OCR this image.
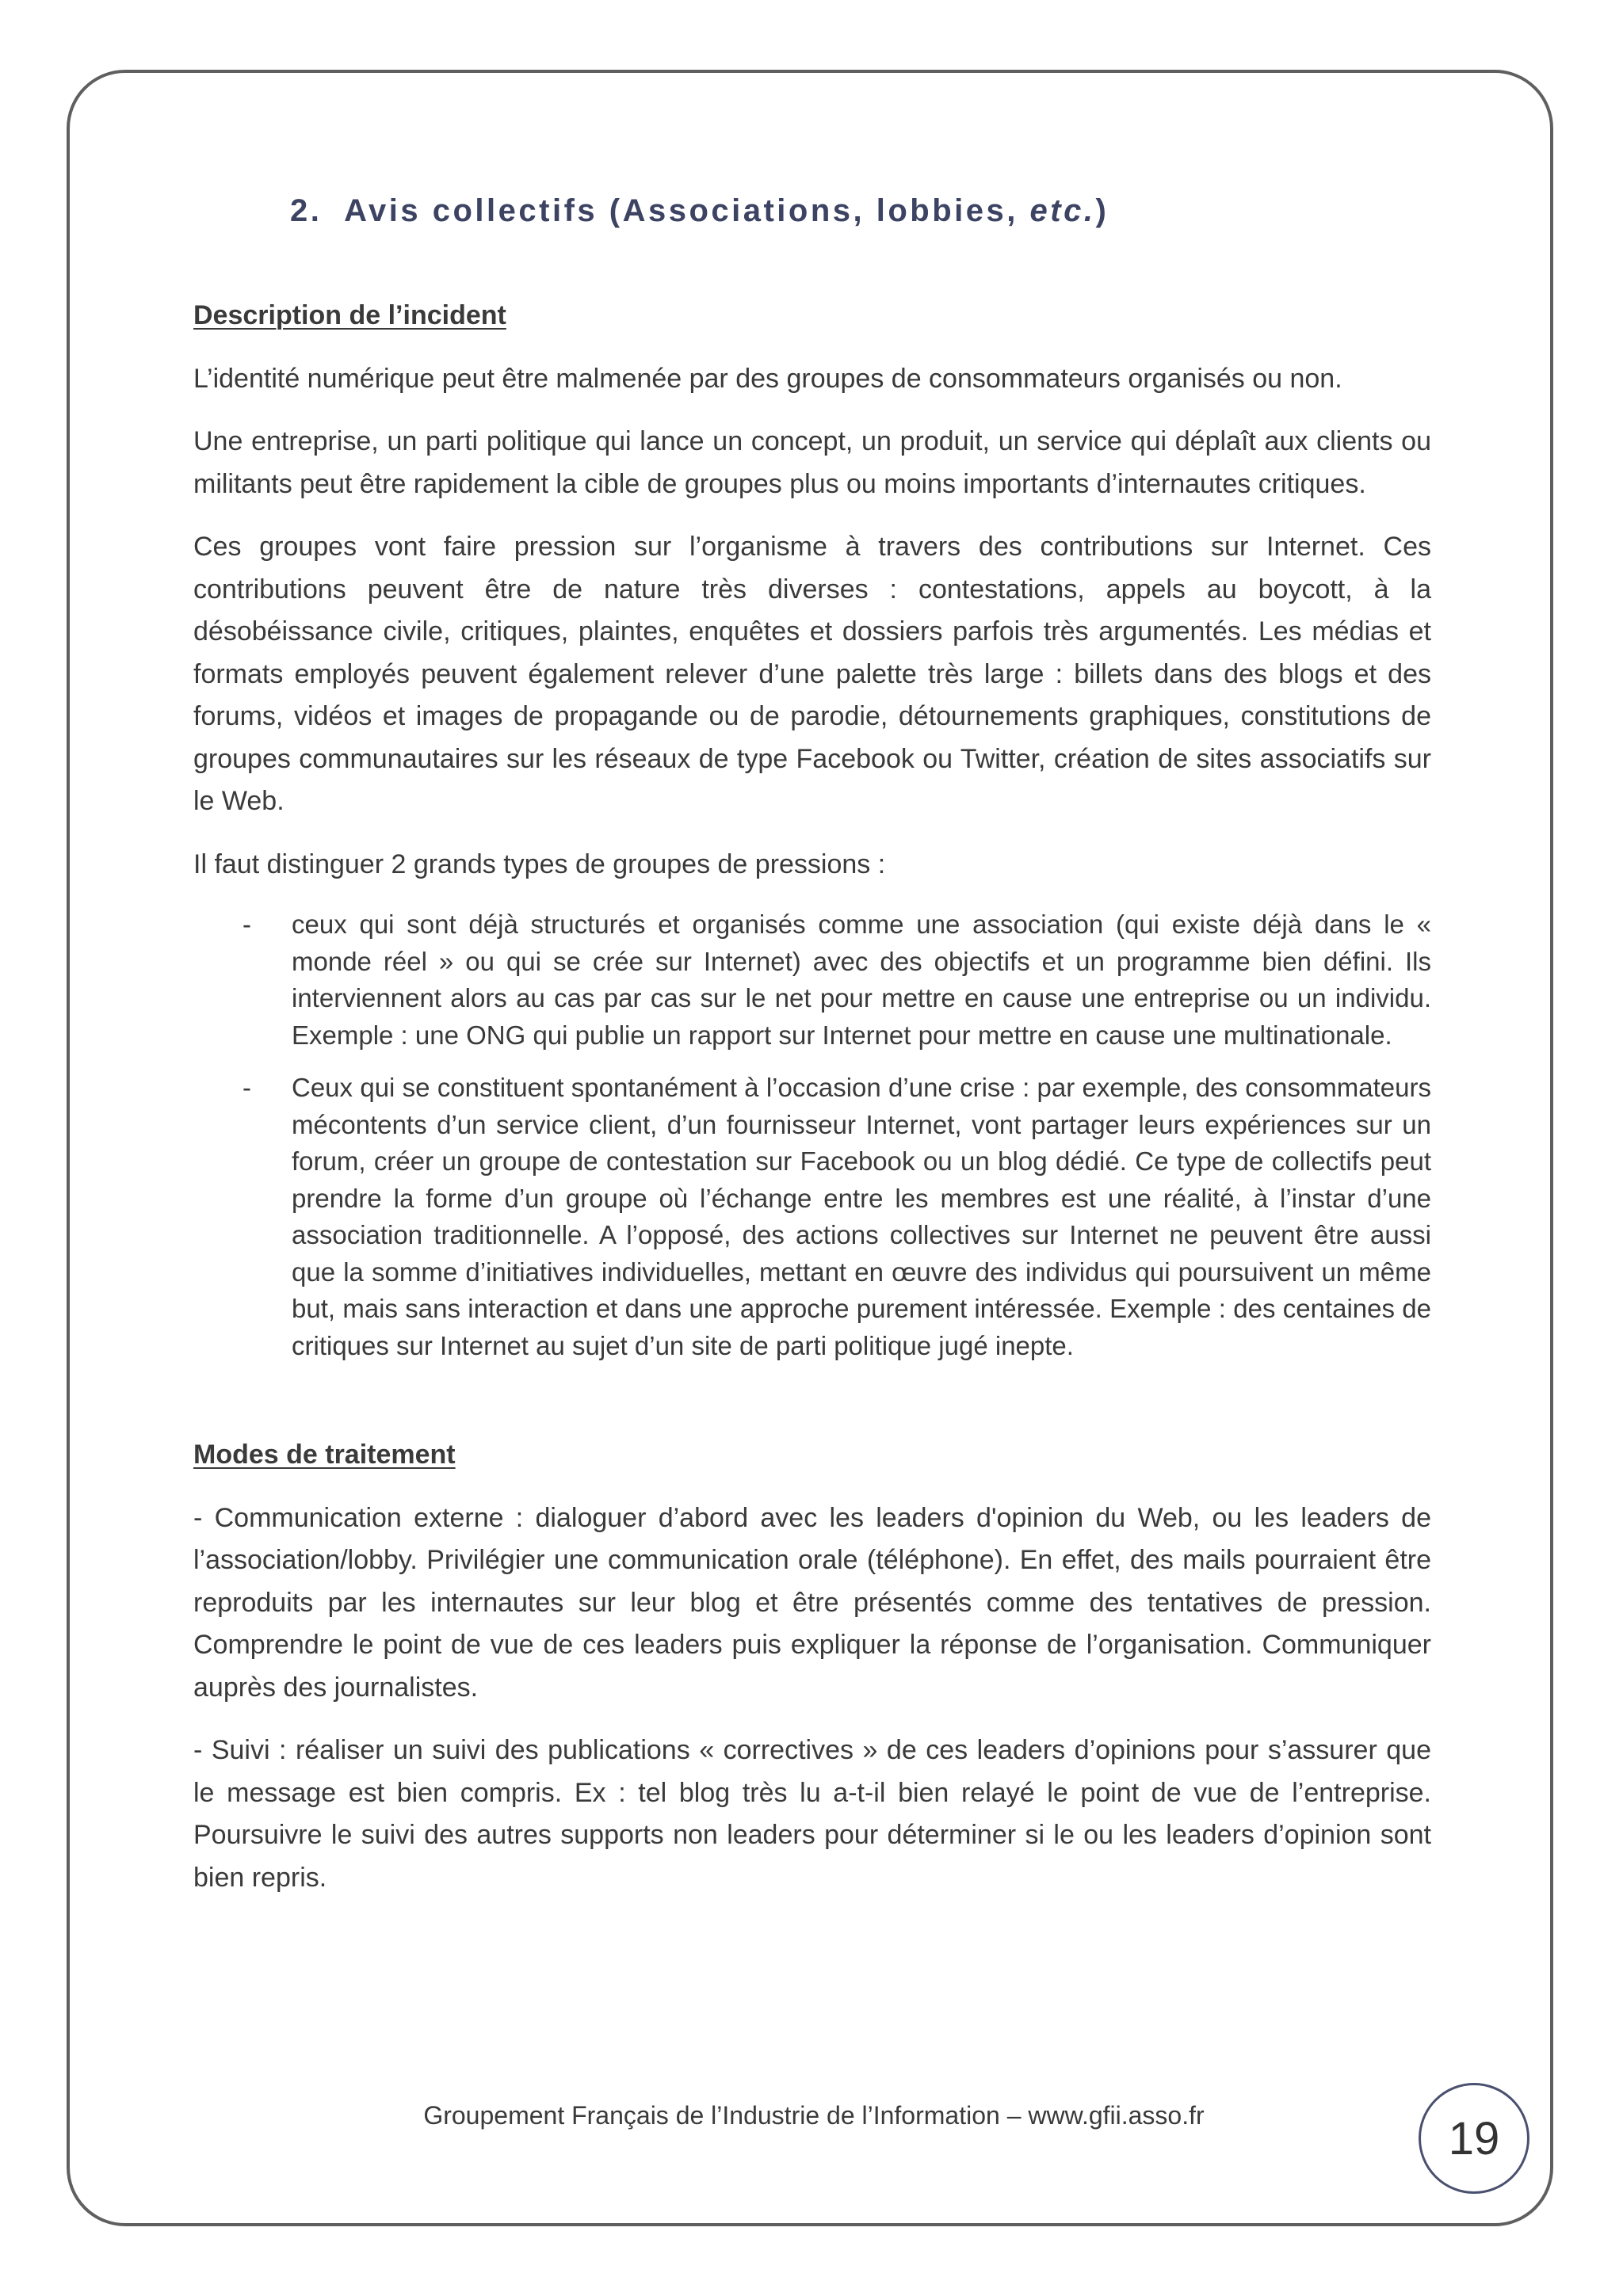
2. Avis collectifs (Associations, lobbies, etc.)
Description de l’incident

L’identité numérique peut être malmenée par des groupes de consommateurs organisés ou non.

Une entreprise, un parti politique qui lance un concept, un produit, un service qui déplaît aux clients ou militants peut être rapidement la cible de groupes plus ou moins importants d’internautes critiques.

Ces groupes vont faire pression sur l’organisme à travers des contributions sur Internet. Ces contributions peuvent être de nature très diverses : contestations, appels au boycott, à la désobéissance civile, critiques, plaintes, enquêtes et dossiers parfois très argumentés. Les médias et formats employés peuvent également relever d’une palette très large : billets dans des blogs et des forums, vidéos et images de propagande ou de parodie, détournements graphiques, constitutions de groupes communautaires sur les réseaux de type Facebook ou Twitter, création de sites associatifs sur le Web.

Il faut distinguer 2 grands types de groupes de pressions :

- ceux qui sont déjà structurés et organisés comme une association (qui existe déjà dans le « monde réel » ou qui se crée sur Internet) avec des objectifs et un programme bien défini. Ils interviennent alors au cas par cas sur le net pour mettre en cause une entreprise ou un individu. Exemple : une ONG qui publie un rapport sur Internet pour mettre en cause une multinationale.
- Ceux qui se constituent spontanément à l’occasion d’une crise : par exemple, des consommateurs mécontents d’un service client, d’un fournisseur Internet, vont partager leurs expériences sur un forum, créer un groupe de contestation sur Facebook ou un blog dédié. Ce type de collectifs peut prendre la forme d’un groupe où l’échange entre les membres est une réalité, à l’instar d’une association traditionnelle. A l’opposé, des actions collectives sur Internet ne peuvent être aussi que la somme d’initiatives individuelles, mettant en œuvre des individus qui poursuivent un même but, mais sans interaction et dans une approche purement intéressée. Exemple : des centaines de critiques sur Internet au sujet d’un site de parti politique jugé inepte.
Modes de traitement

- Communication externe : dialoguer d’abord avec les leaders d'opinion du Web, ou les leaders de l’association/lobby. Privilégier une communication orale (téléphone). En effet, des mails pourraient être reproduits par les internautes sur leur blog et être présentés comme des tentatives de pression. Comprendre le point de vue de ces leaders puis expliquer la réponse de l’organisation. Communiquer auprès des journalistes.

- Suivi : réaliser un suivi des publications « correctives » de ces leaders d’opinions pour s’assurer que le message est bien compris. Ex : tel blog très lu a-t-il bien relayé le point de vue de l’entreprise. Poursuivre le suivi des autres supports non leaders pour déterminer si le ou les leaders d’opinion sont bien repris.

Groupement Français de l’Industrie de l’Information – www.gfii.asso.fr	19
